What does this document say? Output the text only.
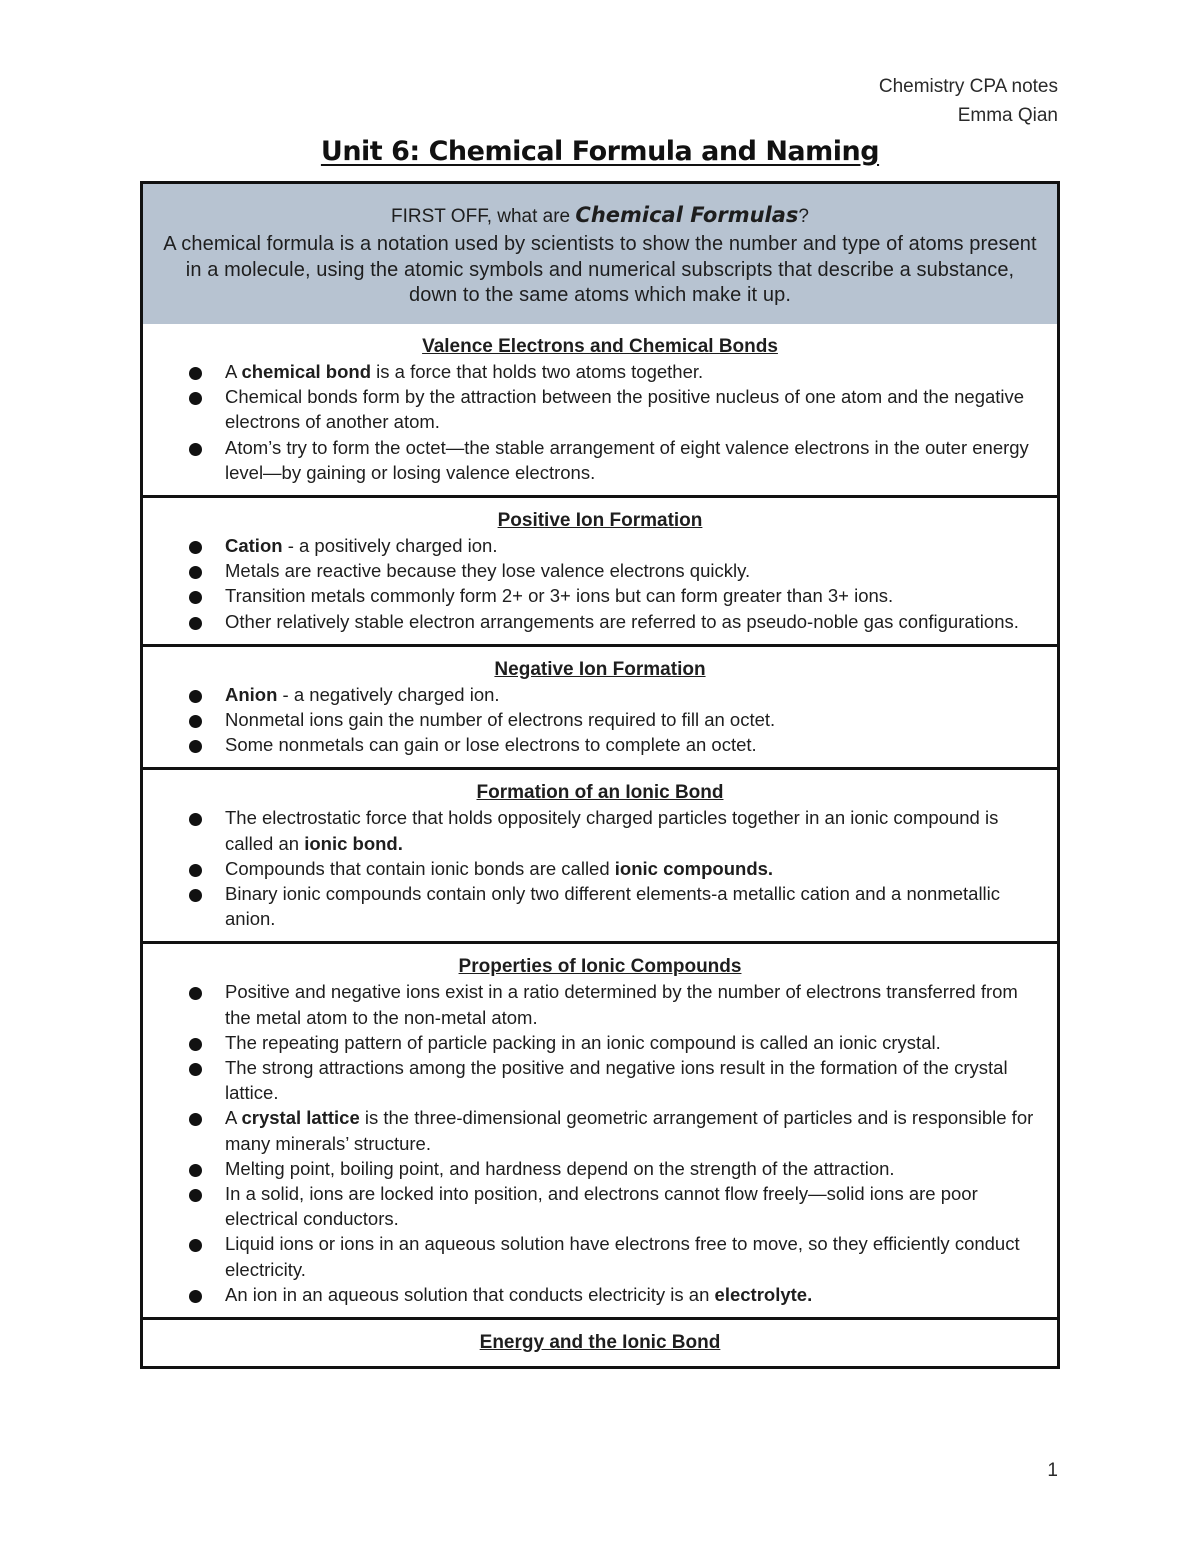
Chemistry CPA notes
Emma Qian
Unit 6: Chemical Formula and Naming
FIRST OFF, what are Chemical Formulas?
A chemical formula is a notation used by scientists to show the number and type of atoms present in a molecule, using the atomic symbols and numerical subscripts that describe a substance, down to the same atoms which make it up.
Valence Electrons and Chemical Bonds
A chemical bond is a force that holds two atoms together.
Chemical bonds form by the attraction between the positive nucleus of one atom and the negative electrons of another atom.
Atom’s try to form the octet—the stable arrangement of eight valence electrons in the outer energy level—by gaining or losing valence electrons.
Positive Ion Formation
Cation - a positively charged ion.
Metals are reactive because they lose valence electrons quickly.
Transition metals commonly form 2+ or 3+ ions but can form greater than 3+ ions.
Other relatively stable electron arrangements are referred to as pseudo-noble gas configurations.
Negative Ion Formation
Anion - a negatively charged ion.
Nonmetal ions gain the number of electrons required to fill an octet.
Some nonmetals can gain or lose electrons to complete an octet.
Formation of an Ionic Bond
The electrostatic force that holds oppositely charged particles together in an ionic compound is called an ionic bond.
Compounds that contain ionic bonds are called ionic compounds.
Binary ionic compounds contain only two different elements-a metallic cation and a nonmetallic anion.
Properties of Ionic Compounds
Positive and negative ions exist in a ratio determined by the number of electrons transferred from the metal atom to the non-metal atom.
The repeating pattern of particle packing in an ionic compound is called an ionic crystal.
The strong attractions among the positive and negative ions result in the formation of the crystal lattice.
A crystal lattice is the three-dimensional geometric arrangement of particles and is responsible for many minerals’ structure.
Melting point, boiling point, and hardness depend on the strength of the attraction.
In a solid, ions are locked into position, and electrons cannot flow freely—solid ions are poor electrical conductors.
Liquid ions or ions in an aqueous solution have electrons free to move, so they efficiently conduct electricity.
An ion in an aqueous solution that conducts electricity is an electrolyte.
Energy and the Ionic Bond
1
